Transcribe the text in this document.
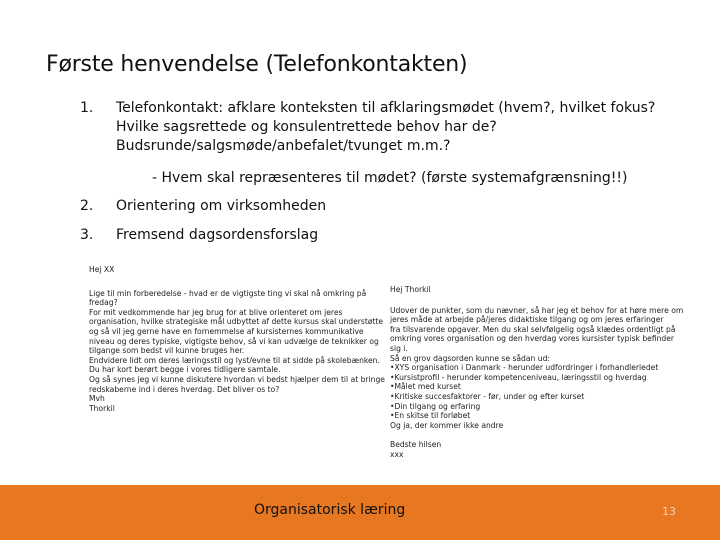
Første henvendelse (Telefonkontakten)
1.	Telefonkontakt: afklare konteksten til afklaringsmødet (hvem?, hvilket fokus? Hvilke sagsrettede og konsulentrettede behov har de? Budsrunde/salgsmøde/anbefalet/tvunget m.m.?
2.	Orientering om virksomheden
3.	Fremsend dagsordensforslag
- Hvem skal repræsenteres til mødet? (første systemafgrænsning!!)
Hej XX
Lige til min forberedelse - hvad er de vigtigste ting vi skal nå omkring på
fredag?
For mit vedkommende har jeg brug for at blive orienteret om jeres
organisation, hvilke strategiske mål udbyttet af dette kursus skal understøtte
og så vil jeg gerne have en fornemmelse af kursisternes kommunikative
niveau og deres typiske, vigtigste behov, så vi kan udvælge de teknikker og
tilgange som bedst vil kunne bruges her.
Endvidere lidt om deres læringsstil og lyst/evne til at sidde på skolebænken.
Du har kort berørt begge i vores tidligere samtale.
Og så synes jeg vi kunne diskutere hvordan vi bedst hjælper dem til at bringe
redskaberne ind i deres hverdag. Det bliver os to?
Mvh
Thorkil
Hej Thorkil
Udover de punkter, som du nævner, så har jeg et behov for at høre mere om
jeres måde at arbejde på/jeres didaktiske tilgang og om jeres erfaringer
fra tilsvarende opgaver. Men du skal selvfølgelig også klædes ordentligt på
omkring vores organisation og den hverdag vores kursister typisk befinder
sig i.
Så en grov dagsorden kunne se sådan ud:
•XYS organisation i Danmark - herunder udfordringer i forhandlerledet
•Kursistprofil - herunder kompetenceniveau, læringsstil og hverdag
•Målet med kurset
•Kritiske succesfaktorer - før, under og efter kurset
•Din tilgang og erfaring
•En skitse til forløbet
Og ja, der kommer ikke andre
Bedste hilsen
xxx
Organisatorisk læring	13
